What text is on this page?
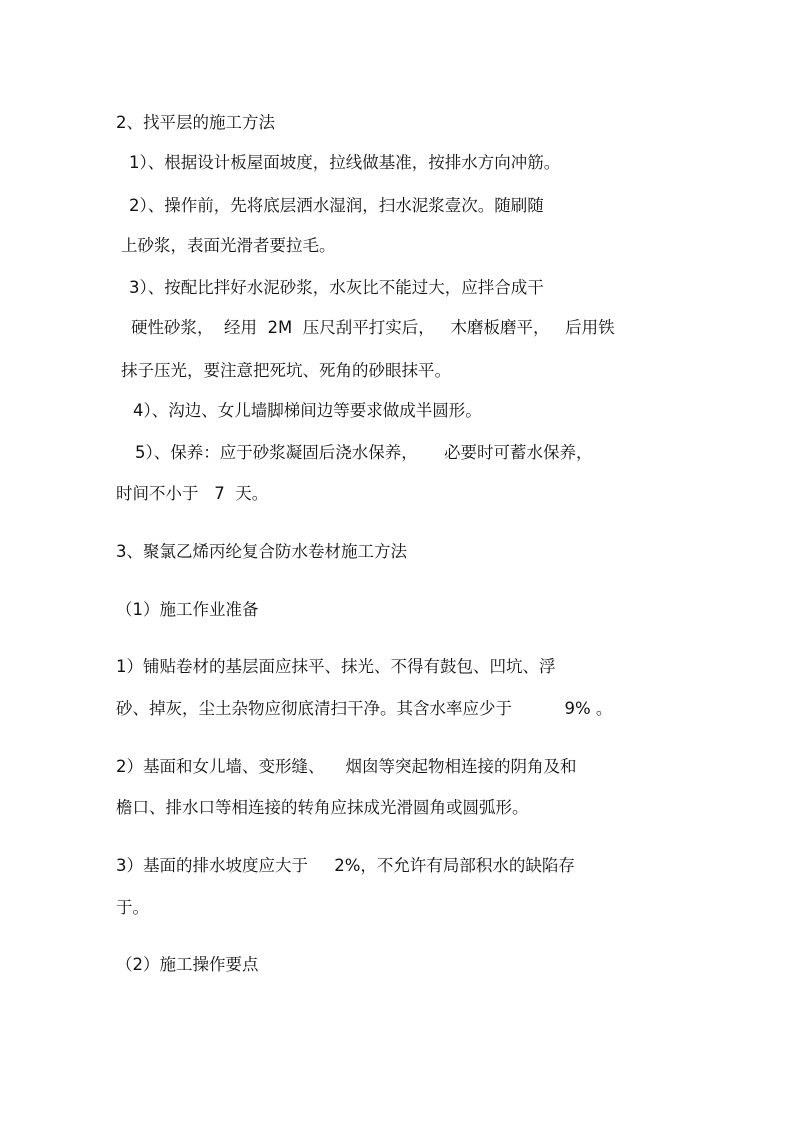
2、找平层的施工方法
1）、根据设计板屋面坡度，拉线做基准，按排水方向冲筋。
2）、操作前，先将底层洒水湿润，扫水泥浆壹次。随刷随
上砂浆，表面光滑者要拉毛。
3）、按配比拌好水泥砂浆，水灰比不能过大，应拌合成干
硬性砂浆，  经用  2M  压尺刮平打实后，   木磨板磨平，   后用铁
抹子压光，要注意把死坑、死角的砂眼抹平。
4）、沟边、女儿墙脚梯间边等要求做成半圆形。
5）、保养：应于砂浆凝固后浇水保养，     必要时可蓄水保养，
时间不小于   7  天。
3、聚氯乙烯丙纶复合防水卷材施工方法
（1）施工作业准备
1）铺贴卷材的基层面应抹平、抹光、不得有鼓包、凹坑、浮
砂、掉灰，尘土杂物应彻底清扫干净。其含水率应少于          9% 。
2）基面和女儿墙、变形缝、    烟囱等突起物相连接的阴角及和
檐口、排水口等相连接的转角应抹成光滑圆角或圆弧形。
3）基面的排水坡度应大于     2%，不允许有局部积水的缺陷存
于。
（2）施工操作要点
